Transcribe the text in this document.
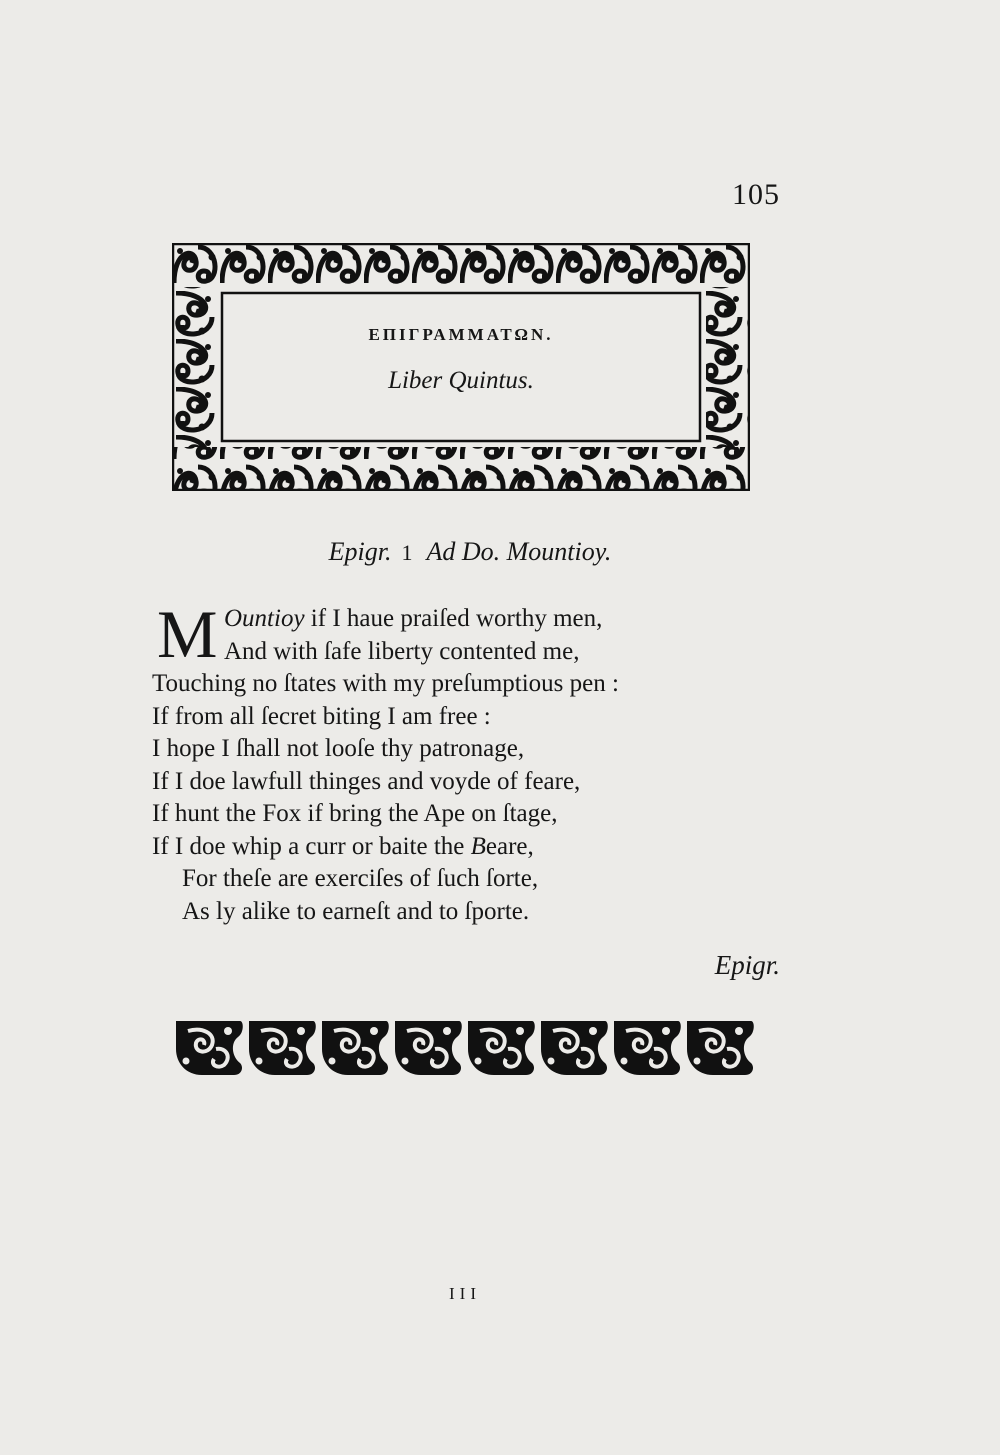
105
ΕΠΙΓΡΑΜΜΑΤΩΝ.
Liber Quintus.
Epigr. 1 Ad Do. Mountioy.
M Ountioy if I haue praiſed worthy men,
And with ſafe liberty contented me,
Touching no ſtates with my preſumptious pen :
If from all ſecret biting I am free :
I hope I ſhall not looſe thy patronage,
If I doe lawfull thinges and voyde of feare,
If hunt the Fox if bring the Ape on ſtage,
If I doe whip a curr or baite the Beare,
For theſe are exerciſes of ſuch ſorte,
As ly alike to earneſt and to ſporte.
Epigr.
III
